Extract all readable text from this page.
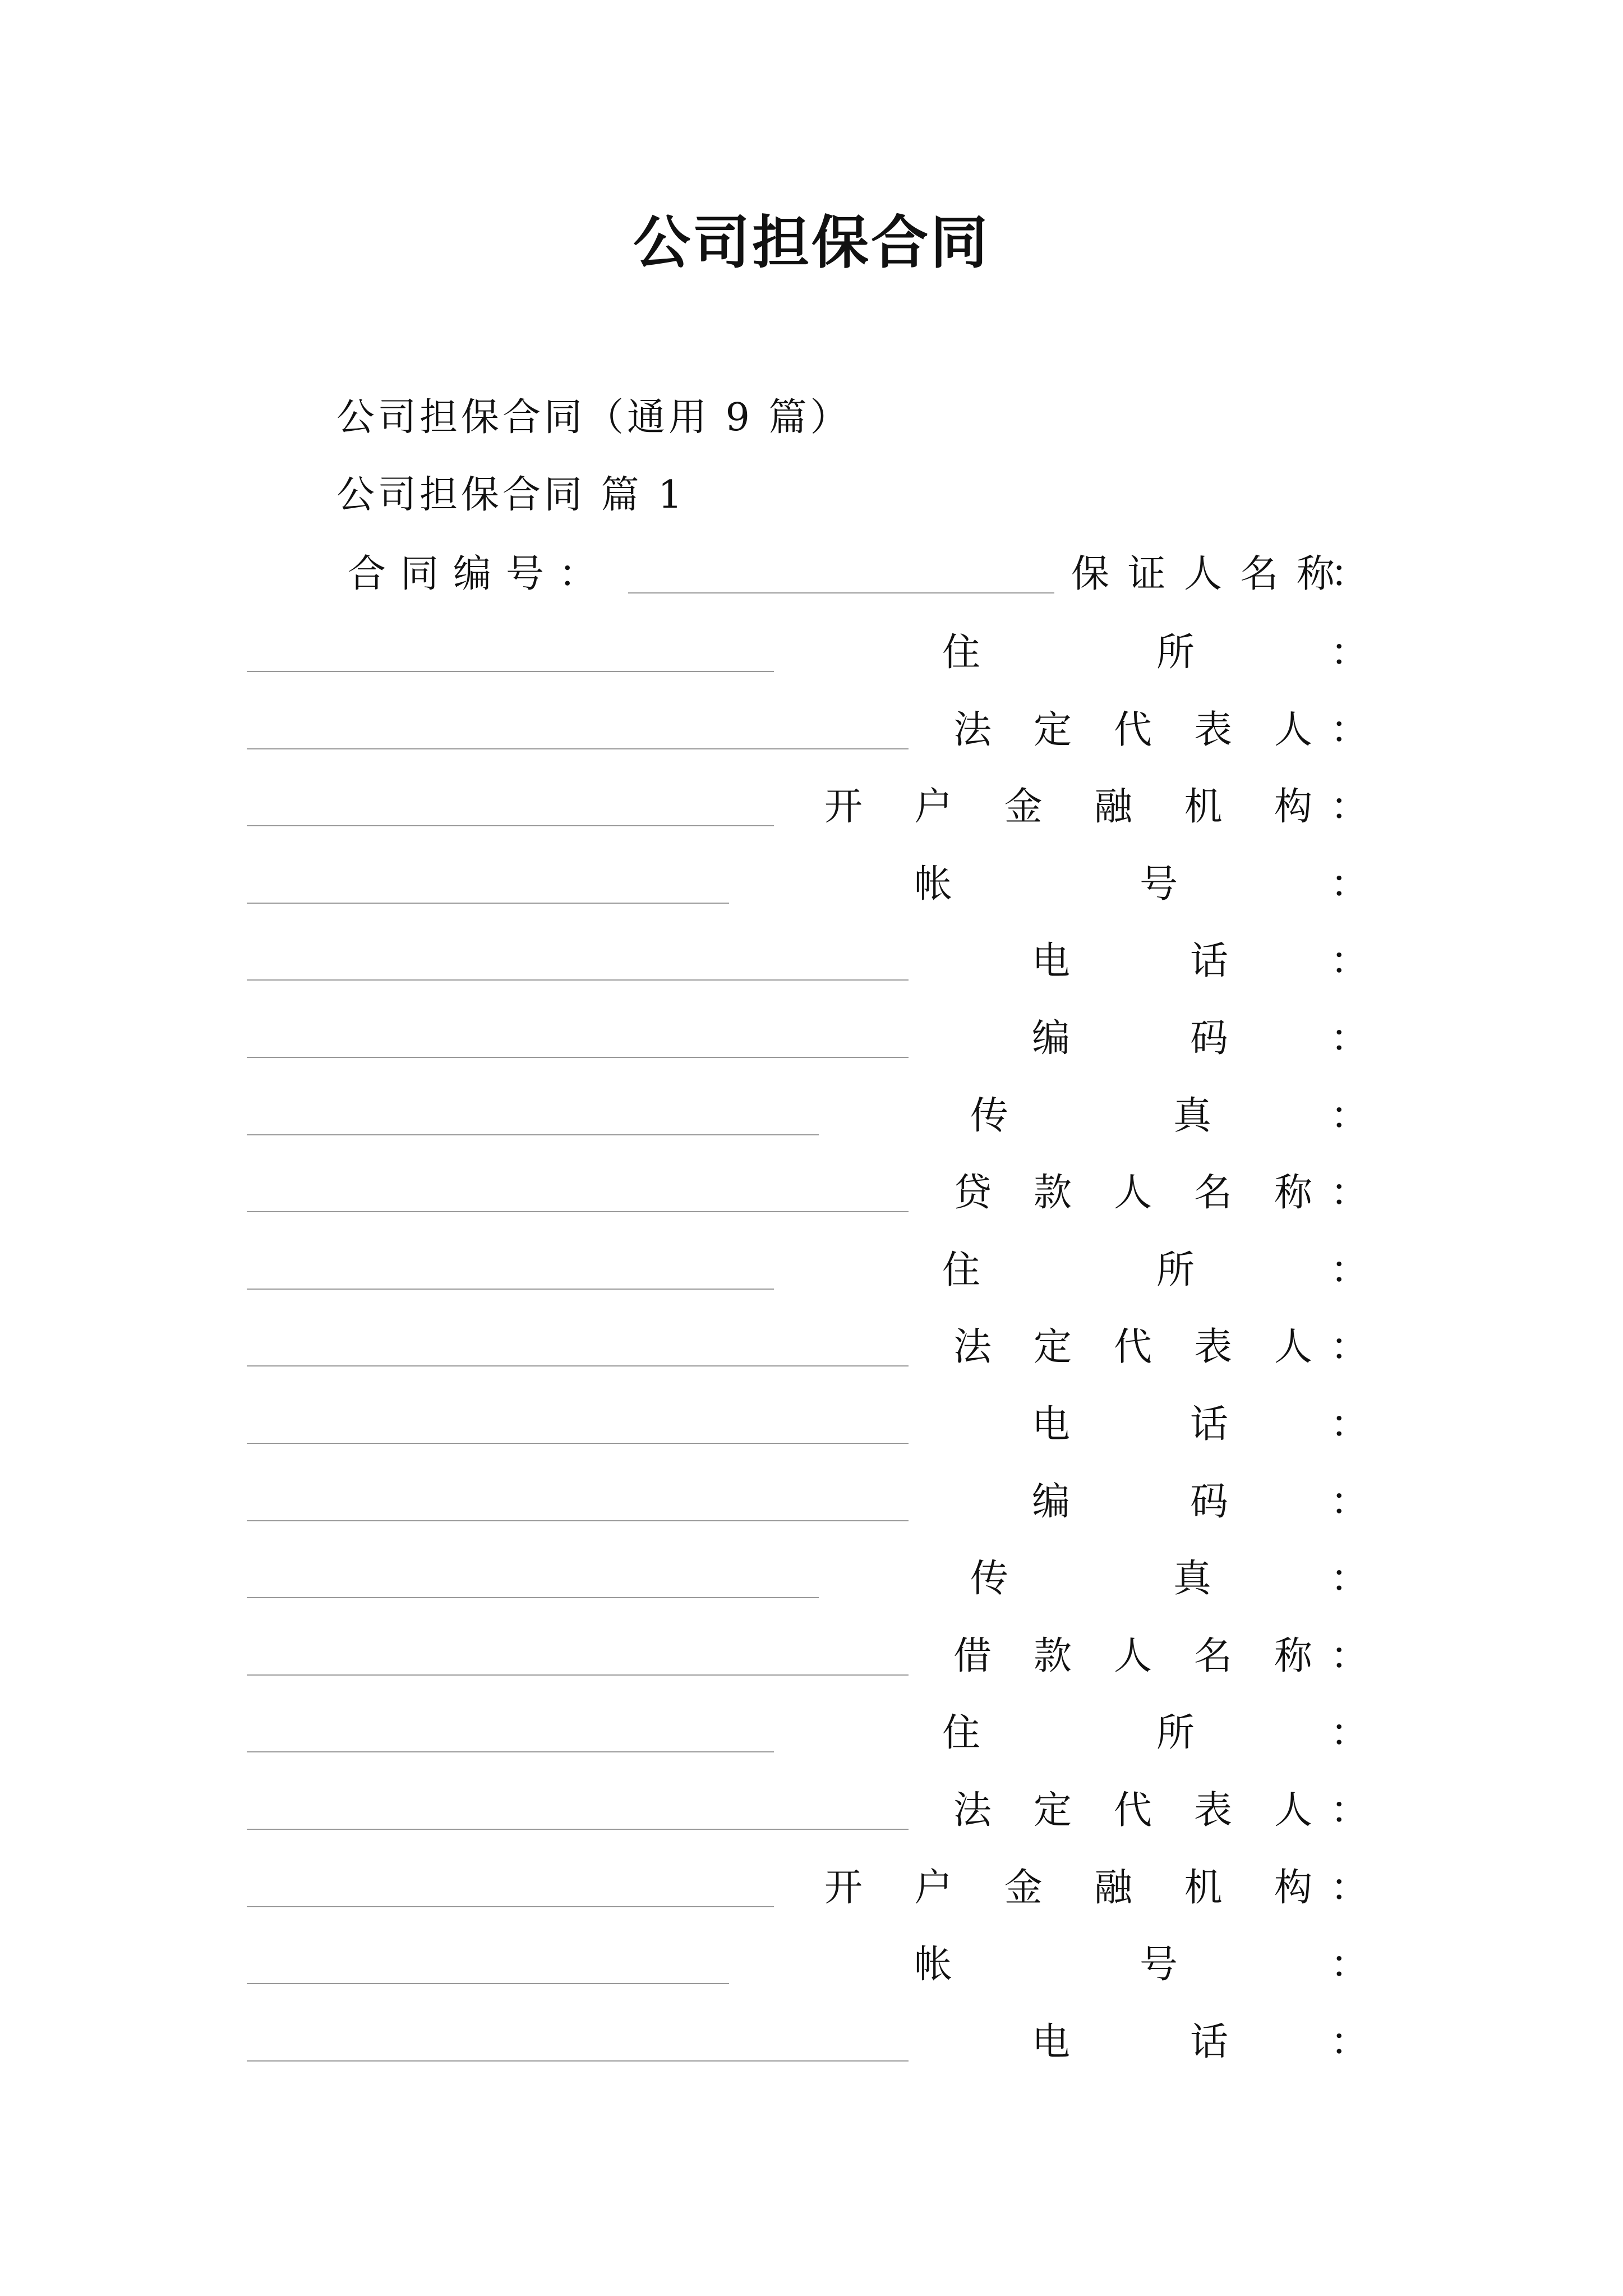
公司担保合同
公司担保合同（通用 9 篇）
公司担保合同 篇 1
合同编号：	保 证 人 名 称
：
住	所	：
法 定 代 表 人 ：
开 户 金 融 机 构 ：
帐	号	：
电	话	：
编	码	：
传	真	：
贷 款 人 名 称 ：
住	所	：
法 定 代 表 人 ：
电	话	：
编	码	：
传	真	：
借 款 人 名 称 ：
住	所	：
法 定 代 表 人 ：
开 户 金 融 机 构 ：
帐	号	：
电	话	：
